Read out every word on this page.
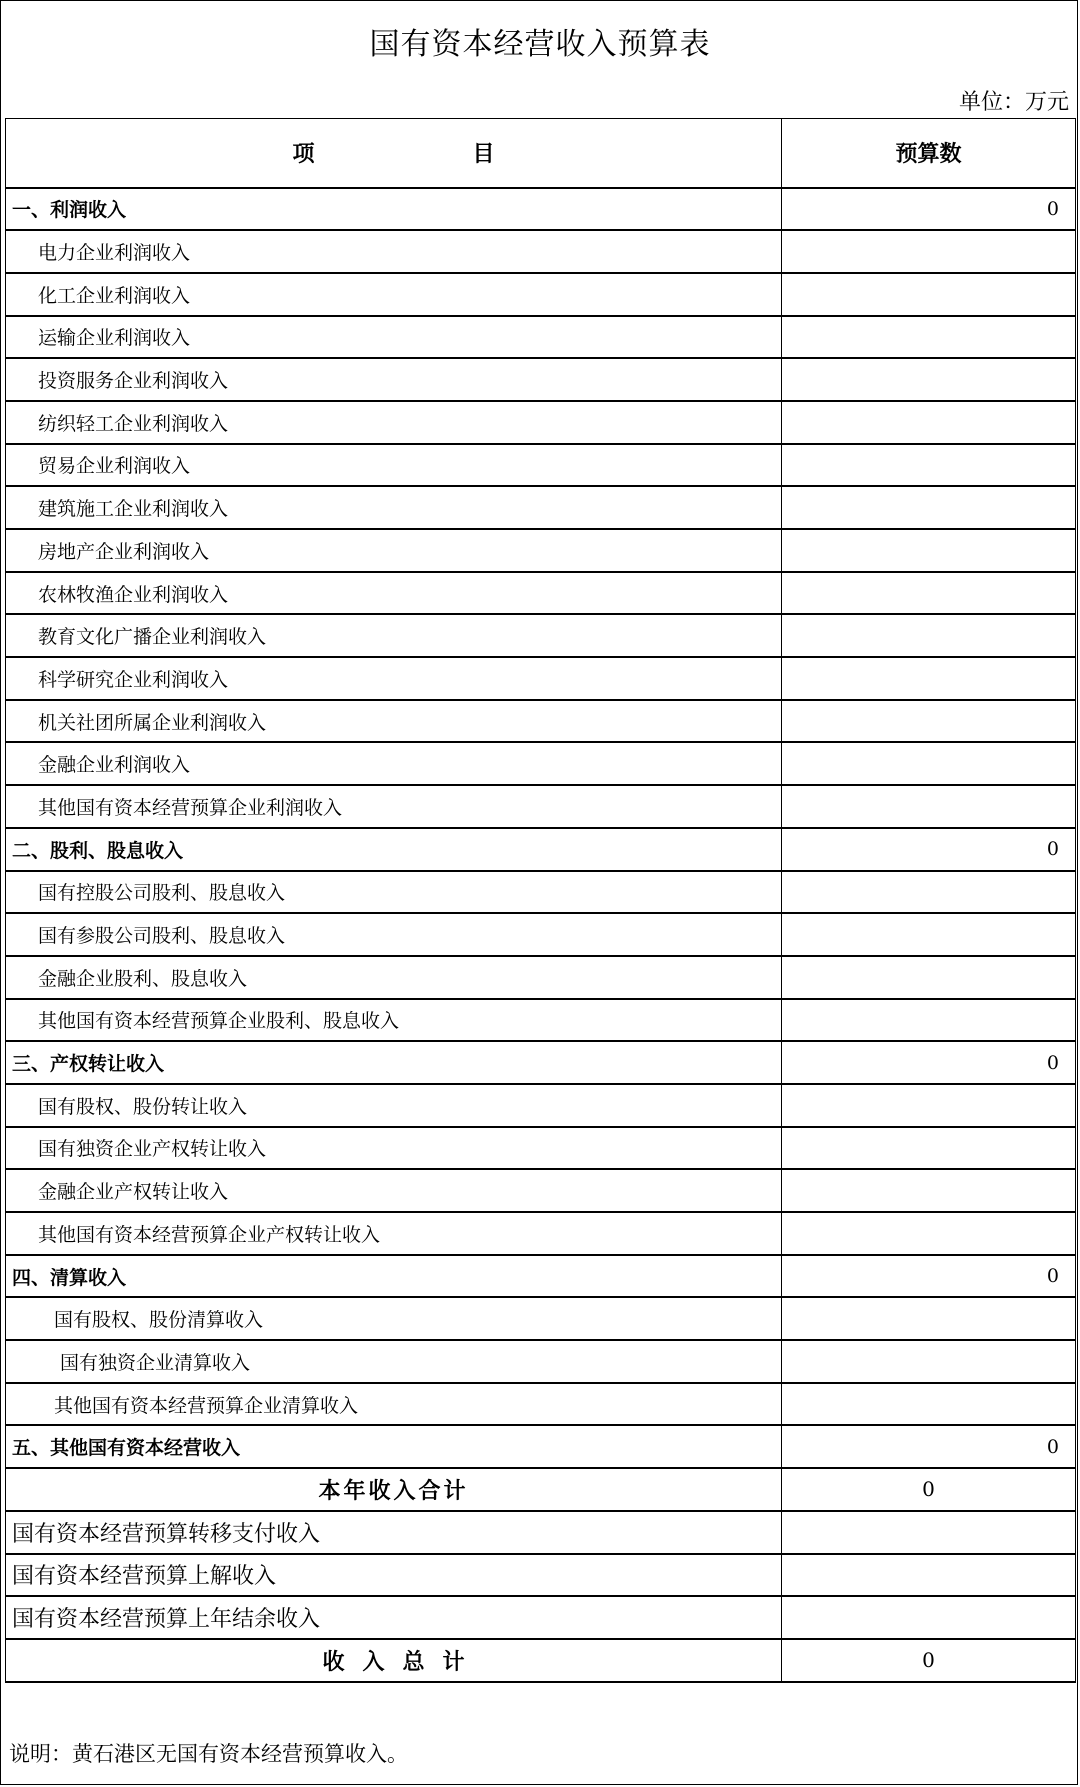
国有资本经营收入预算表
单位：万元
项　　目	预算数
一、利润收入	0
电力企业利润收入	
化工企业利润收入	
运输企业利润收入	
投资服务企业利润收入	
纺织轻工企业利润收入	
贸易企业利润收入	
建筑施工企业利润收入	
房地产企业利润收入	
农林牧渔企业利润收入	
教育文化广播企业利润收入	
科学研究企业利润收入	
机关社团所属企业利润收入	
金融企业利润收入	
其他国有资本经营预算企业利润收入	
二、股利、股息收入	0
国有控股公司股利、股息收入	
国有参股公司股利、股息收入	
金融企业股利、股息收入	
其他国有资本经营预算企业股利、股息收入	
三、产权转让收入	0
国有股权、股份转让收入	
国有独资企业产权转让收入	
金融企业产权转让收入	
其他国有资本经营预算企业产权转让收入	
四、清算收入	0
国有股权、股份清算收入	
国有独资企业清算收入	
其他国有资本经营预算企业清算收入	
五、其他国有资本经营收入	0
本年收入合计	0
国有资本经营预算转移支付收入	
国有资本经营预算上解收入	
国有资本经营预算上年结余收入	
收入总计	0
说明：黄石港区无国有资本经营预算收入。
